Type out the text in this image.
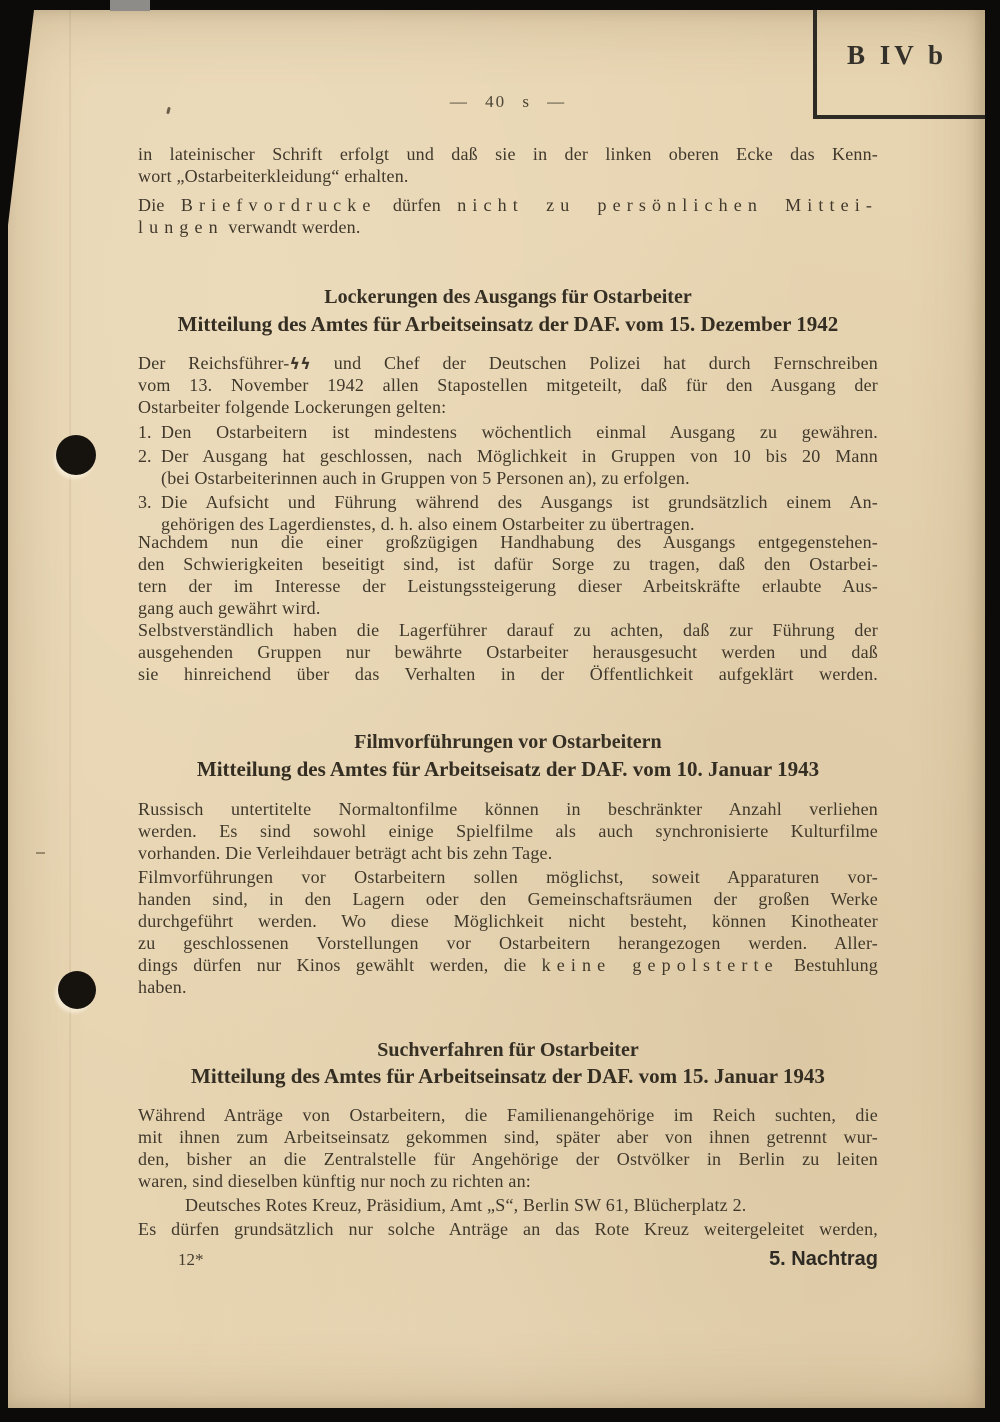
B IV b
— 40 s —
in lateinischer Schrift erfolgt und daß sie in der linken oberen Ecke das Kenn-
wort „Ostarbeiterkleidung“ erhalten.
Die Briefvordrucke dürfen nicht zu persönlichen Mittei-
lungen verwandt werden.
Lockerungen des Ausgangs für Ostarbeiter
Mitteilung des Amtes für Arbeitseinsatz der DAF. vom 15. Dezember 1942
Der Reichsführer-ϟϟ und Chef der Deutschen Polizei hat durch Fernschreiben
vom 13. November 1942 allen Stapostellen mitgeteilt, daß für den Ausgang der
Ostarbeiter folgende Lockerungen gelten:
1. Den Ostarbeitern ist mindestens wöchentlich einmal Ausgang zu gewähren.
2. Der Ausgang hat geschlossen, nach Möglichkeit in Gruppen von 10 bis 20 Mann
(bei Ostarbeiterinnen auch in Gruppen von 5 Personen an), zu erfolgen.
3. Die Aufsicht und Führung während des Ausgangs ist grundsätzlich einem An-
gehörigen des Lagerdienstes, d. h. also einem Ostarbeiter zu übertragen.
Nachdem nun die einer großzügigen Handhabung des Ausgangs entgegenstehen-
den Schwierigkeiten beseitigt sind, ist dafür Sorge zu tragen, daß den Ostarbei-
tern der im Interesse der Leistungssteigerung dieser Arbeitskräfte erlaubte Aus-
gang auch gewährt wird.
Selbstverständlich haben die Lagerführer darauf zu achten, daß zur Führung der
ausgehenden Gruppen nur bewährte Ostarbeiter herausgesucht werden und daß
sie hinreichend über das Verhalten in der Öffentlichkeit aufgeklärt werden.
Filmvorführungen vor Ostarbeitern
Mitteilung des Amtes für Arbeitseisatz der DAF. vom 10. Januar 1943
Russisch untertitelte Normaltonfilme können in beschränkter Anzahl verliehen
werden. Es sind sowohl einige Spielfilme als auch synchronisierte Kulturfilme
vorhanden. Die Verleihdauer beträgt acht bis zehn Tage.
Filmvorführungen vor Ostarbeitern sollen möglichst, soweit Apparaturen vor-
handen sind, in den Lagern oder den Gemeinschaftsräumen der großen Werke
durchgeführt werden. Wo diese Möglichkeit nicht besteht, können Kinotheater
zu geschlossenen Vorstellungen vor Ostarbeitern herangezogen werden. Aller-
dings dürfen nur Kinos gewählt werden, die keine gepolsterte Bestuhlung
haben.
Suchverfahren für Ostarbeiter
Mitteilung des Amtes für Arbeitseinsatz der DAF. vom 15. Januar 1943
Während Anträge von Ostarbeitern, die Familienangehörige im Reich suchten, die
mit ihnen zum Arbeitseinsatz gekommen sind, später aber von ihnen getrennt wur-
den, bisher an die Zentralstelle für Angehörige der Ostvölker in Berlin zu leiten
waren, sind dieselben künftig nur noch zu richten an:
Deutsches Rotes Kreuz, Präsidium, Amt „S“, Berlin SW 61, Blücherplatz 2.
Es dürfen grundsätzlich nur solche Anträge an das Rote Kreuz weitergeleitet werden,
12*	5. Nachtrag
